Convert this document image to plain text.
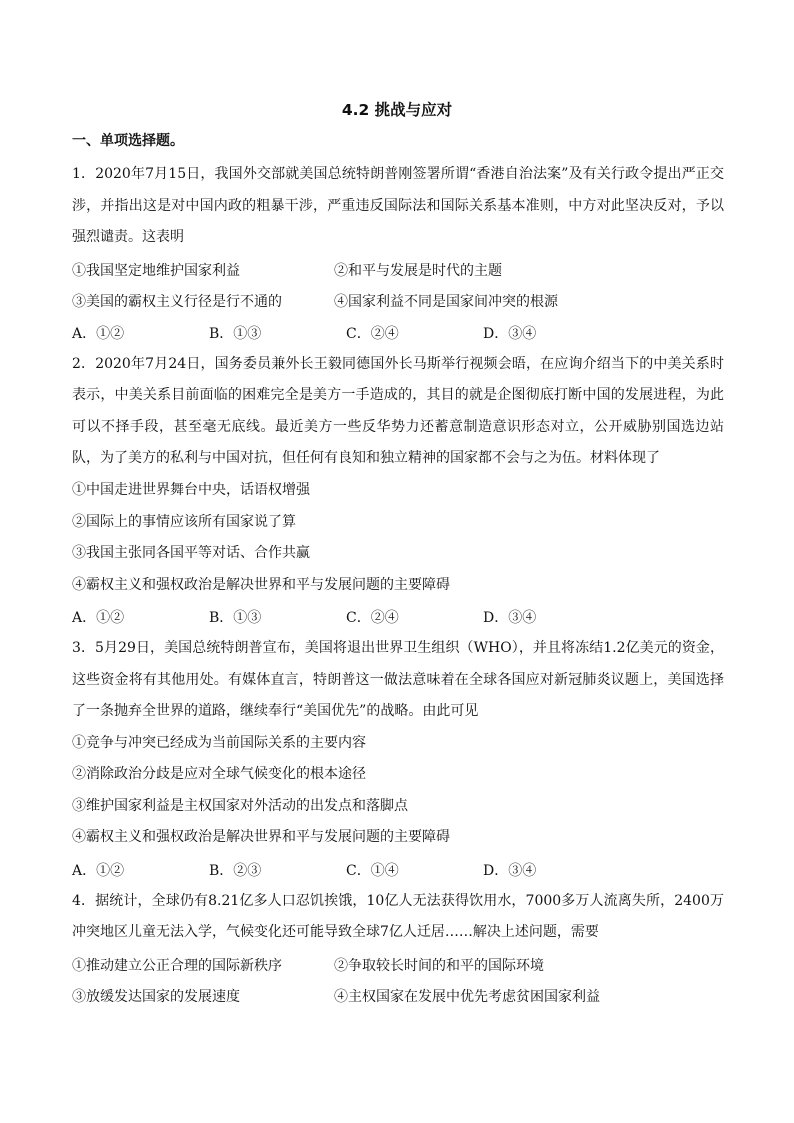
4.2 挑战与应对
一、单项选择题。

1．2020年7月15日，我国外交部就美国总统特朗普刚签署所谓“香港自治法案”及有关行政令提出严正交涉，并指出这是对中国内政的粗暴干涉，严重违反国际法和国际关系基本准则，中方对此坚决反对，予以强烈谴责。这表明

①我国坚定地维护国家利益	②和平与发展是时代的主题
③美国的霸权主义行径是行不通的	④国家利益不同是国家间冲突的根源
A．①②	B．①③	C．②④	D．③④

2．2020年7月24日，国务委员兼外长王毅同德国外长马斯举行视频会晤，在应询介绍当下的中美关系时表示，中美关系目前面临的困难完全是美方一手造成的，其目的就是企图彻底打断中国的发展进程，为此可以不择手段，甚至毫无底线。最近美方一些反华势力还蓄意制造意识形态对立，公开威胁别国选边站队，为了美方的私利与中国对抗，但任何有良知和独立精神的国家都不会与之为伍。材料体现了

①中国走进世界舞台中央，话语权增强
②国际上的事情应该所有国家说了算
③我国主张同各国平等对话、合作共赢
④霸权主义和强权政治是解决世界和平与发展问题的主要障碍
A．①②	B．①③	C．②④	D．③④

3．5月29日，美国总统特朗普宣布，美国将退出世界卫生组织（WHO），并且将冻结1.2亿美元的资金，这些资金将有其他用处。有媒体直言，特朗普这一做法意味着在全球各国应对新冠肺炎议题上，美国选择了一条抛弃全世界的道路，继续奉行“美国优先”的战略。由此可见

①竞争与冲突已经成为当前国际关系的主要内容
②消除政治分歧是应对全球气候变化的根本途径
③维护国家利益是主权国家对外活动的出发点和落脚点
④霸权主义和强权政治是解决世界和平与发展问题的主要障碍
A．①②	B．②③	C．①④	D．③④

4．据统计，全球仍有8.21亿多人口忍饥挨饿，10亿人无法获得饮用水，7000多万人流离失所，2400万冲突地区儿童无法入学，气候变化还可能导致全球7亿人迁居……解决上述问题，需要

①推动建立公正合理的国际新秩序	②争取较长时间的和平的国际环境
③放缓发达国家的发展速度	④主权国家在发展中优先考虑贫困国家利益
